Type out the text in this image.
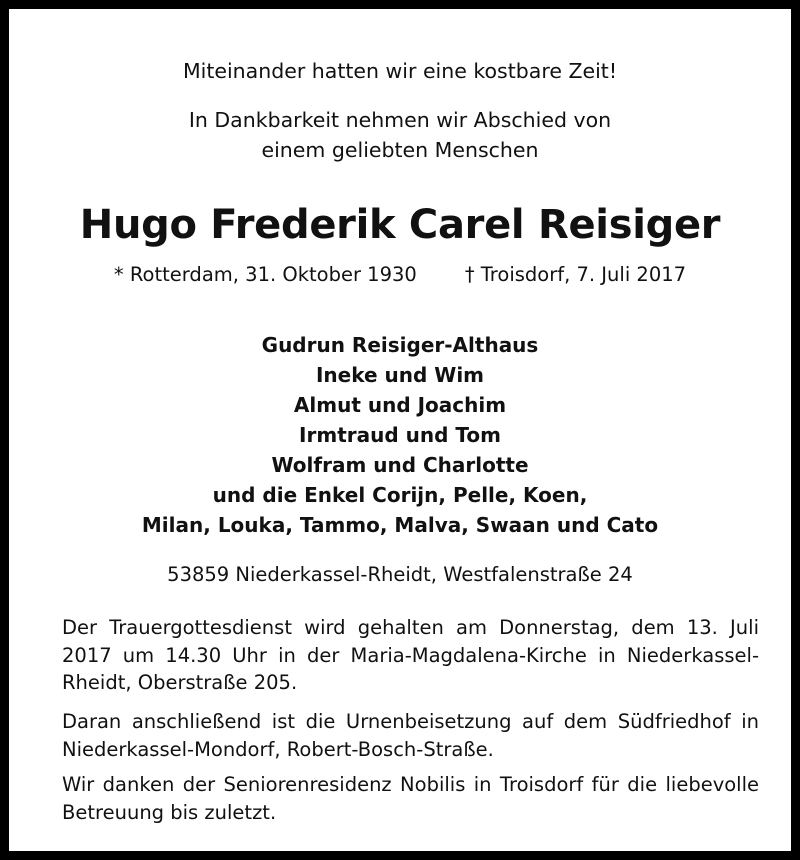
Miteinander hatten wir eine kostbare Zeit!
In Dankbarkeit nehmen wir Abschied von
einem geliebten Menschen
Hugo Frederik Carel Reisiger
* Rotterdam, 31. Oktober 1930 † Troisdorf, 7. Juli 2017
Gudrun Reisiger-Althaus
Ineke und Wim
Almut und Joachim
Irmtraud und Tom
Wolfram und Charlotte
und die Enkel Corijn, Pelle, Koen,
Milan, Louka, Tammo, Malva, Swaan und Cato
53859 Niederkassel-Rheidt, Westfalenstraße 24
Der Trauergottesdienst wird gehalten am Donnerstag, dem 13. Juli 2017 um 14.30 Uhr in der Maria-Magdalena-Kirche in Niederkassel-Rheidt, Oberstraße 205.
Daran anschließend ist die Urnenbeisetzung auf dem Südfriedhof in Niederkassel-Mondorf, Robert-Bosch-Straße.
Wir danken der Seniorenresidenz Nobilis in Troisdorf für die liebevolle Betreuung bis zuletzt.
